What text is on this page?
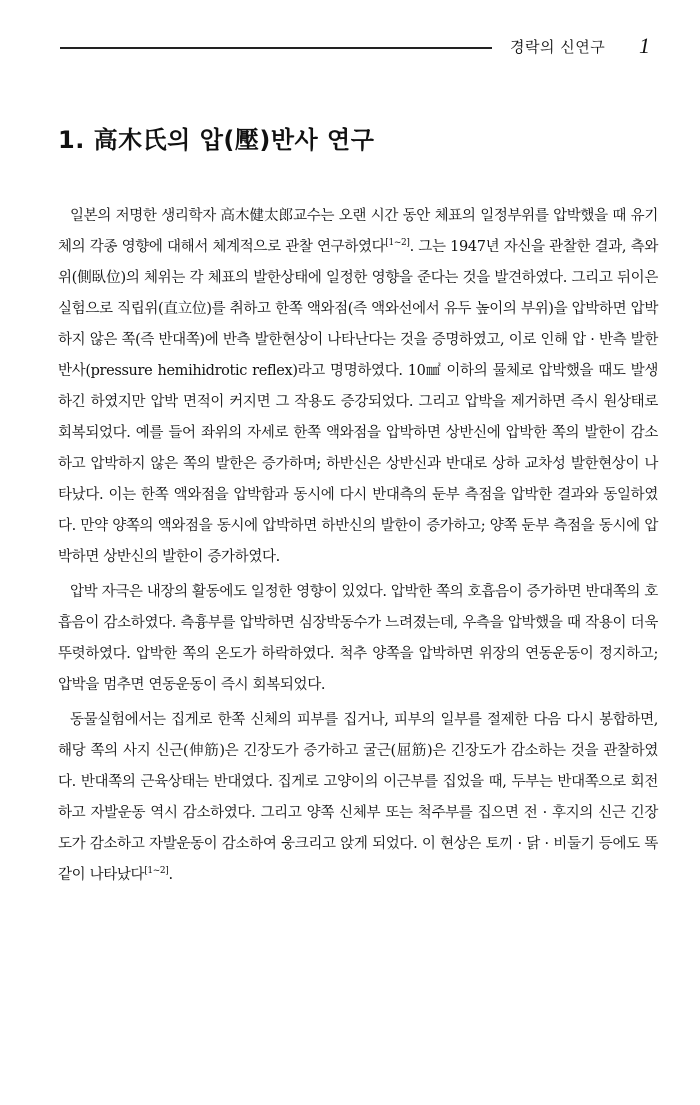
경락의 신연구 1
1. 高木氏의 압(壓)반사 연구

일본의 저명한 생리학자 高木健太郎교수는 오랜 시간 동안 체표의 일정부위를 압박했을 때 유기체의 각종 영향에 대해서 체계적으로 관찰 연구하였다[1~2]. 그는 1947년 자신을 관찰한 결과, 측와위(側臥位)의 체위는 각 체표의 발한상태에 일정한 영향을 준다는 것을 발견하였다. 그리고 뒤이은 실험으로 직립위(直立位)를 취하고 한쪽 액와점(즉 액와선에서 유두 높이의 부위)을 압박하면 압박하지 않은 쪽(즉 반대쪽)에 반측 발한현상이 나타난다는 것을 증명하였고, 이로 인해 압 · 반측 발한반사(pressure hemihidrotic reflex)라고 명명하였다. 10㎟ 이하의 물체로 압박했을 때도 발생하긴 하였지만 압박 면적이 커지면 그 작용도 증강되었다. 그리고 압박을 제거하면 즉시 원상태로 회복되었다. 예를 들어 좌위의 자세로 한쪽 액와점을 압박하면 상반신에 압박한 쪽의 발한이 감소하고 압박하지 않은 쪽의 발한은 증가하며; 하반신은 상반신과 반대로 상하 교차성 발한현상이 나타났다. 이는 한쪽 액와점을 압박함과 동시에 다시 반대측의 둔부 측점을 압박한 결과와 동일하였다. 만약 양쪽의 액와점을 동시에 압박하면 하반신의 발한이 증가하고; 양쪽 둔부 측점을 동시에 압박하면 상반신의 발한이 증가하였다.

압박 자극은 내장의 활동에도 일정한 영향이 있었다. 압박한 쪽의 호흡음이 증가하면 반대쪽의 호흡음이 감소하였다. 측흉부를 압박하면 심장박동수가 느려졌는데, 우측을 압박했을 때 작용이 더욱 뚜렷하였다. 압박한 쪽의 온도가 하락하였다. 척추 양쪽을 압박하면 위장의 연동운동이 정지하고; 압박을 멈추면 연동운동이 즉시 회복되었다.

동물실험에서는 집게로 한쪽 신체의 피부를 집거나, 피부의 일부를 절제한 다음 다시 봉합하면, 해당 쪽의 사지 신근(伸筋)은 긴장도가 증가하고 굴근(屈筋)은 긴장도가 감소하는 것을 관찰하였다. 반대쪽의 근육상태는 반대였다. 집게로 고양이의 이근부를 집었을 때, 두부는 반대쪽으로 회전하고 자발운동 역시 감소하였다. 그리고 양쪽 신체부 또는 척주부를 집으면 전 · 후지의 신근 긴장도가 감소하고 자발운동이 감소하여 웅크리고 앉게 되었다. 이 현상은 토끼 · 닭 · 비둘기 등에도 똑같이 나타났다[1~2].
